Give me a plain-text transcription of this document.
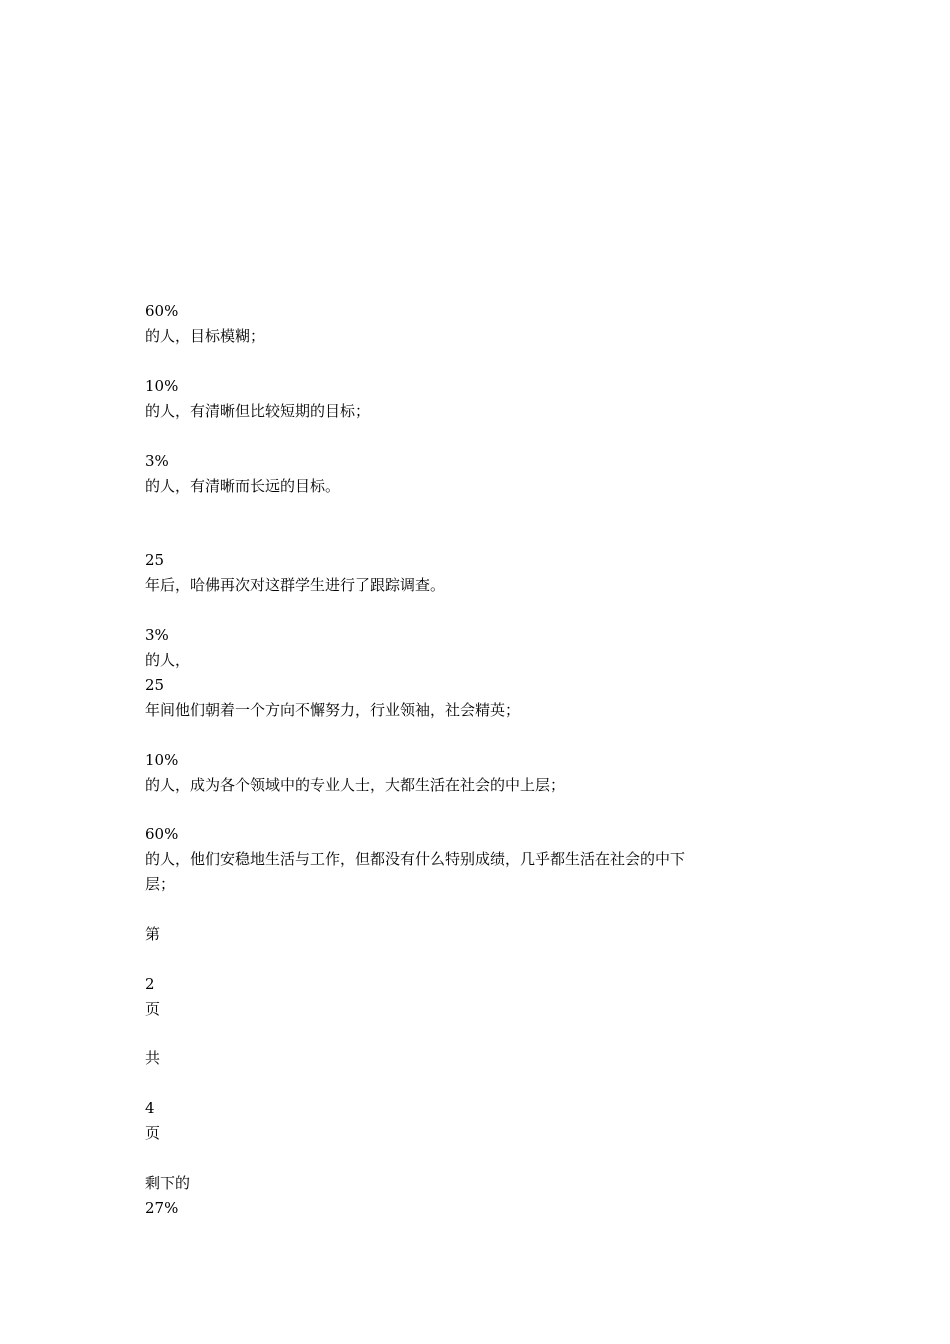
60%
的人，目标模糊；
10%
的人，有清晰但比较短期的目标；
3%
的人，有清晰而长远的目标。
25
年后，哈佛再次对这群学生进行了跟踪调查。
3%
的人，
25
年间他们朝着一个方向不懈努力，行业领袖，社会精英；
10%
的人，成为各个领域中的专业人士，大都生活在社会的中上层；
60%
的人，他们安稳地生活与工作，但都没有什么特别成绩，几乎都生活在社会的中下
层；
第
2
页
共
4
页
剩下的
27%
